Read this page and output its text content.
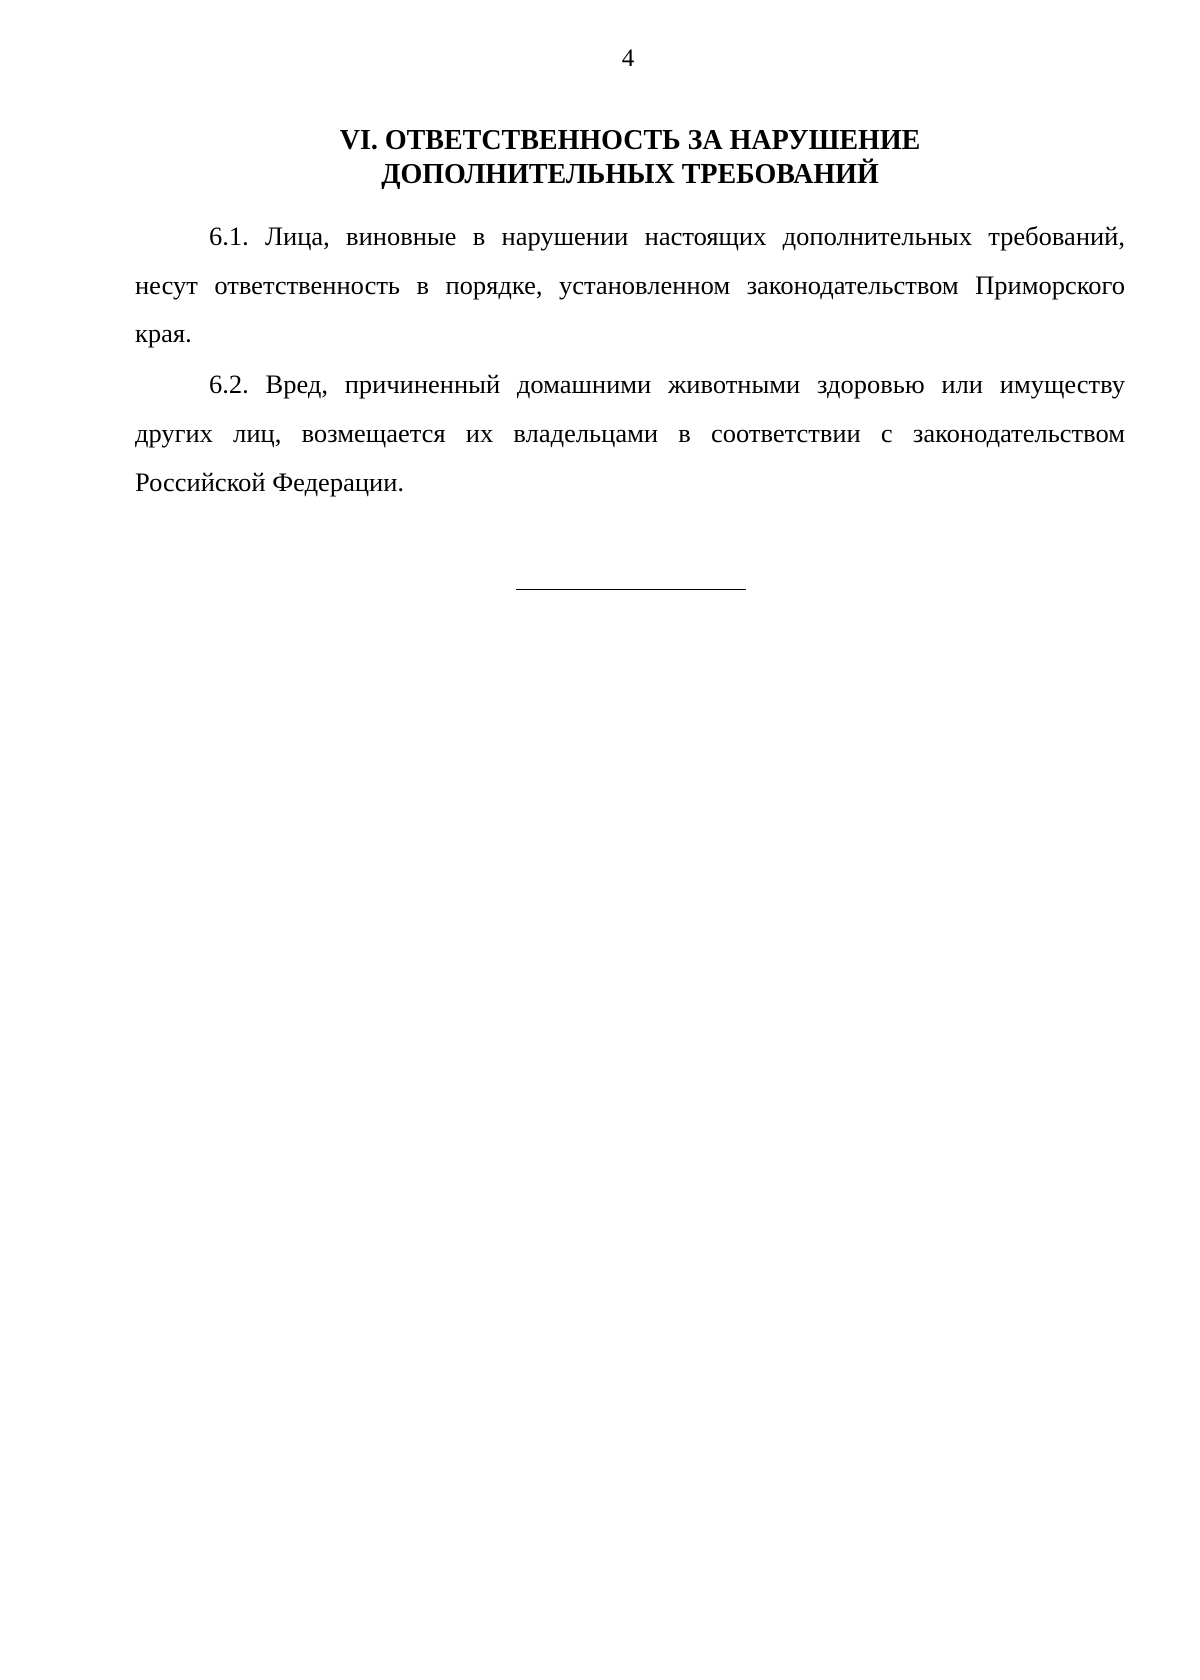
4
VI. ОТВЕТСТВЕННОСТЬ ЗА НАРУШЕНИЕ
ДОПОЛНИТЕЛЬНЫХ ТРЕБОВАНИЙ

6.1. Лица, виновные в нарушении настоящих дополнительных требований, несут ответственность в порядке, установленном законодательством Приморского края.

6.2. Вред, причиненный домашними животными здоровью или имуществу других лиц, возмещается их владельцами в соответствии с законодательством Российской Федерации.
